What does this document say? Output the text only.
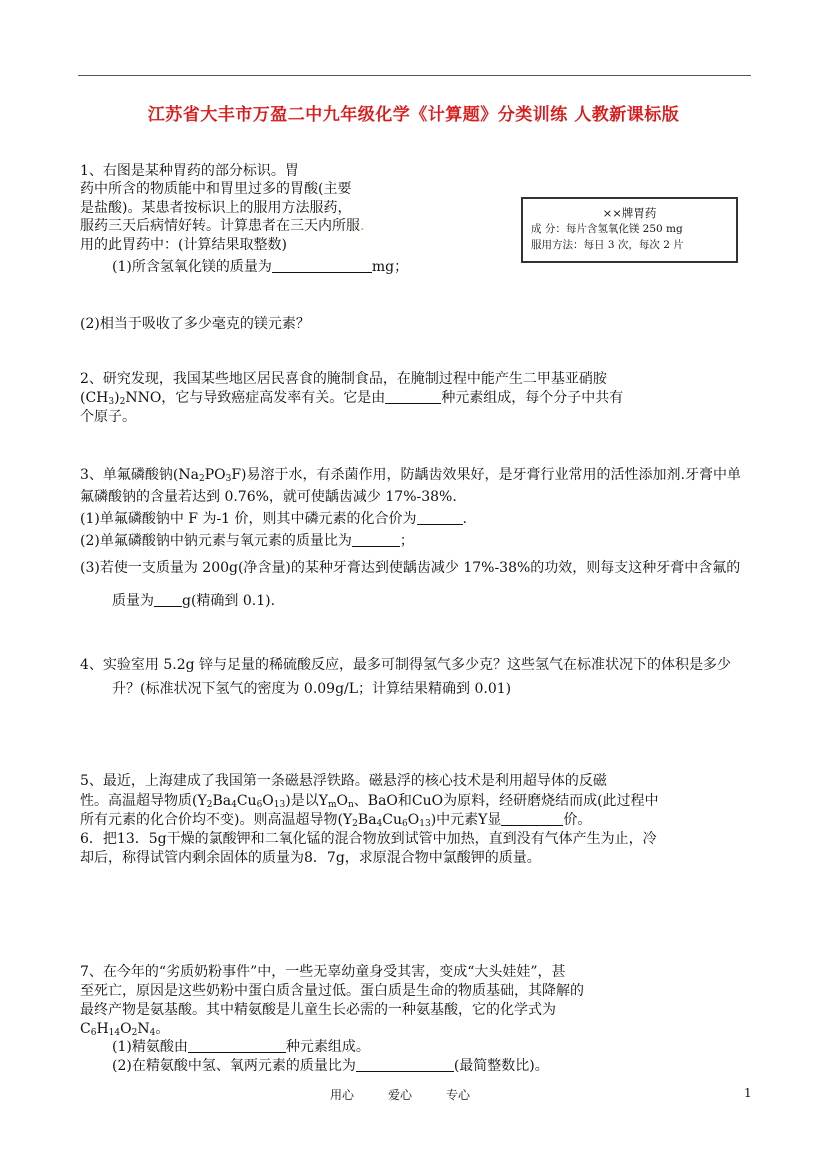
江苏省大丰市万盈二中九年级化学《计算题》分类训练 人教新课标版
1、右图是某种胃药的部分标识。胃
药中所含的物质能中和胃里过多的胃酸(主要
是盐酸)。某患者按标识上的服用方法服药，
服药三天后病情好转。计算患者在三天内所服.
用的此胃药中：(计算结果取整数)
(1)所含氢氧化镁的质量为	mg；
(2)相当于吸收了多少毫克的镁元素？
××牌胃药
成 分：每片含氢氧化镁 250 mg
服用方法：每日 3 次，每次 2 片
2、研究发现，我国某些地区居民喜食的腌制食品，在腌制过程中能产生二甲基亚硝胺
$(CH_3)_2NNO$，它与导致癌症高发率有关。它是由	种元素组成，每个分子中共有
个原子。
3、单氟磷酸钠$(Na_2PO_3F)$易溶于水，有杀菌作用，防龋齿效果好，是牙膏行业常用的活性添加剂.牙膏中单
氟磷酸钠的含量若达到 0.76%，就可使龋齿减少 17%-38%.
(1)单氟磷酸钠中 F 为-1 价，则其中磷元素的化合价为	.
(2)单氟磷酸钠中钠元素与氧元素的质量比为	；
(3)若使一支质量为 200g(净含量)的某种牙膏达到使龋齿减少 17%-38%的功效，则每支这种牙膏中含氟的
质量为 g(精确到 0.1).
4、实验室用 5.2g 锌与足量的稀硫酸反应，最多可制得氢气多少克？这些氢气在标准状况下的体积是多少
升？(标准状况下氢气的密度为 0.09g/L；计算结果精确到 0.01)
5、最近，上海建成了我国第一条磁悬浮铁路。磁悬浮的核心技术是利用超导体的反磁
性。高温超导物质$(Y_2Ba_4Cu_6O_{13})$是以$Y_mO_n$、BaO和CuO为原料，经研磨烧结而成(此过程中
所有元素的化合价均不变)。则高温超导物$(Y_2Ba_4Cu_6O_{13})$中元素Y显	价。
6．把13．5g干燥的氯酸钾和二氧化锰的混合物放到试管中加热，直到没有气体产生为止，冷
却后，称得试管内剩余固体的质量为8．7g，求原混合物中氯酸钾的质量。
7、在今年的“劣质奶粉事件”中，一些无辜幼童身受其害，变成“大头娃娃”，甚
至死亡，原因是这些奶粉中蛋白质含量过低。蛋白质是生命的物质基础，其降解的
最终产物是氨基酸。其中精氨酸是儿童生长必需的一种氨基酸，它的化学式为
$C_6H_{14}O_2N_4$。
(1)精氨酸由	种元素组成。
(2)在精氨酸中氢、氧两元素的质量比为	(最简整数比)。
用心	爱心	专心	1
